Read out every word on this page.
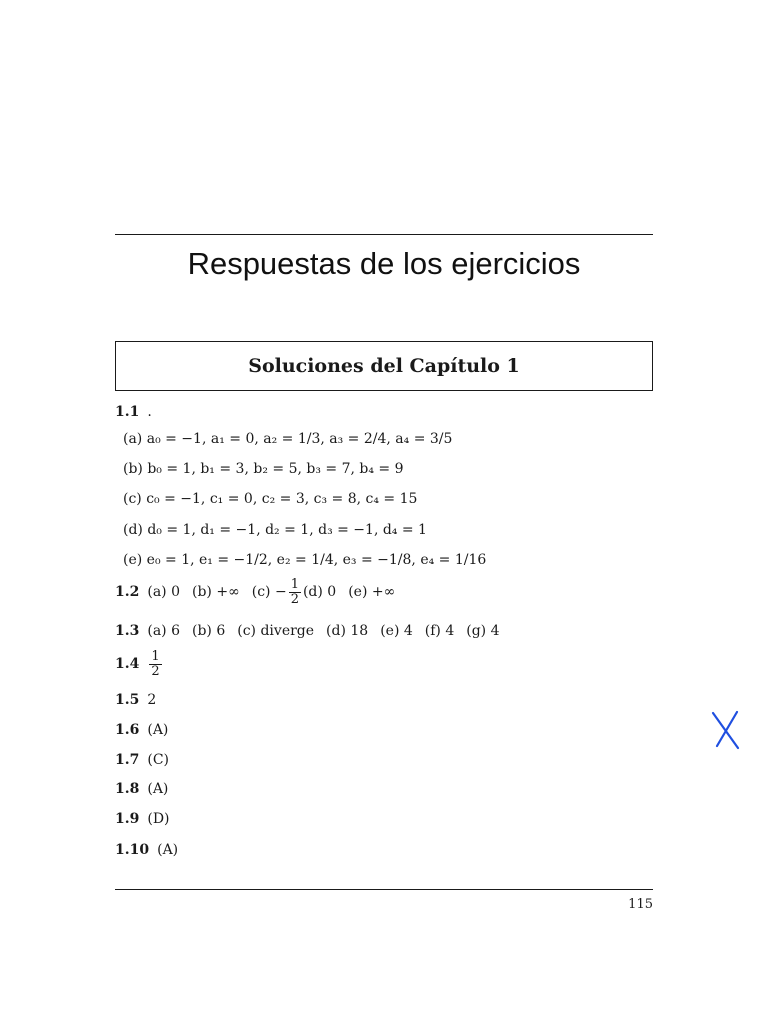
Respuestas de los ejercicios
Soluciones del Capítulo 1
1.1 .
(a) a₀ = −1, a₁ = 0, a₂ = 1/3, a₃ = 2/4, a₄ = 3/5
(b) b₀ = 1, b₁ = 3, b₂ = 5, b₃ = 7, b₄ = 9
(c) c₀ = −1, c₁ = 0, c₂ = 3, c₃ = 8, c₄ = 15
(d) d₀ = 1, d₁ = −1, d₂ = 1, d₃ = −1, d₄ = 1
(e) e₀ = 1, e₁ = −1/2, e₂ = 1/4, e₃ = −1/8, e₄ = 1/16
1.2 (a) 0 (b) +∞ $(c) - \frac{1}{2} (d)$ 0 (e) +∞
1.3 (a) 6 (b) 6 (c) diverge (d) 18 (e) 4 (f) 4 (g) 4
$1.4 \frac{1}{2}$
1.5 2
1.6 (A)
1.7 (C)
1.8 (A)
1.9 (D)
1.10 (A)
115
